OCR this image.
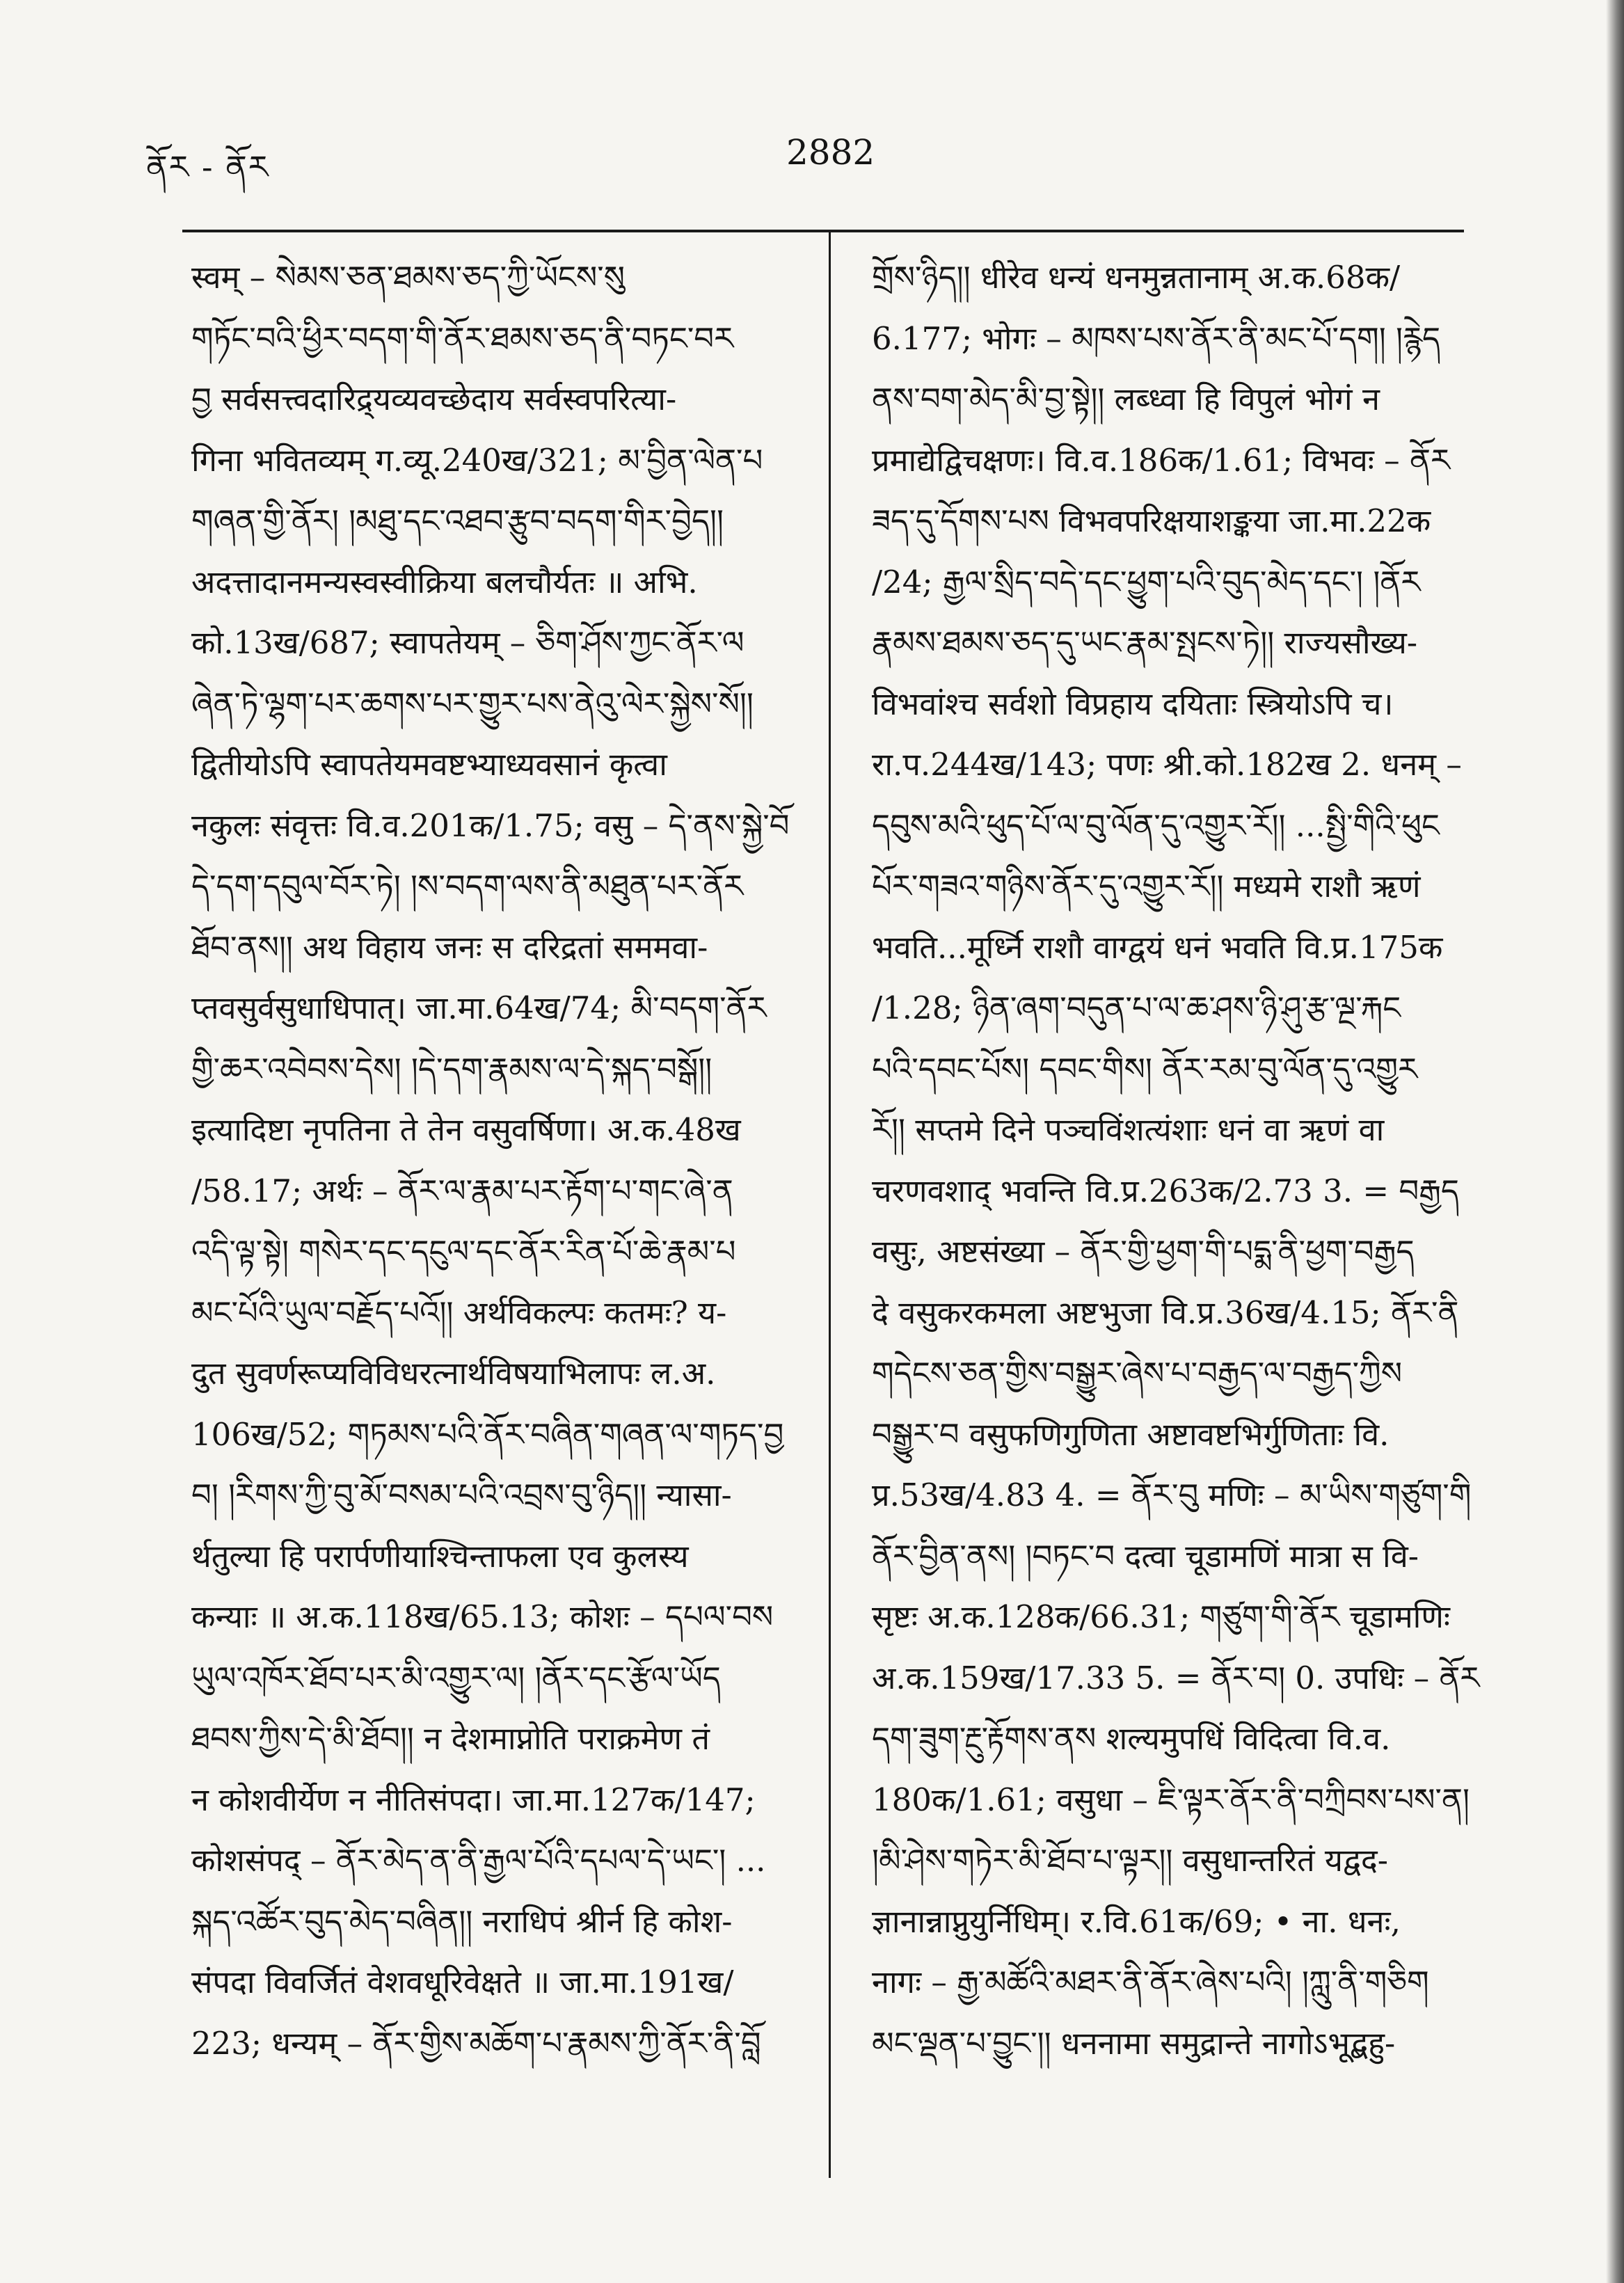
ནོར - ནོར	2882
स्वम् – སེམས་ཅན་ཐམས་ཅད་ཀྱི་ཡོངས་སུ
གཏོང་བའི་ཕྱིར་བདག་གི་ནོར་ཐམས་ཅད་ནི་བཏང་བར
བྱ सर्वसत्त्वदारिद्र्यव्यवच्छेदाय सर्वस्वपरित्या-
गिना भवितव्यम् ग.व्यू.240ख/321; མ་བྱིན་ལེན་པ
གཞན་གྱི་ནོར། །མཐུ་དང་འཐབ་རྩུབ་བདག་གིར་བྱེད།།
अदत्तादानमन्यस्वस्वीक्रिया बलचौर्यतः ॥ अभि.
को.13ख/687; स्वापतेयम् – ཅིག་ཤོས་ཀྱང་ནོར་ལ
ཞེན་ཏེ་ལྷག་པར་ཆགས་པར་གྱུར་པས་ནེའུ་ལེར་སྐྱེས་སོ།།
द्वितीयोऽपि स्वापतेयमवष्टभ्याध्यवसानं कृत्वा
नकुलः संवृत्तः वि.व.201क/1.75; वसु – དེ་ནས་སྐྱེ་བོ
དེ་དག་དབུལ་བོར་ཏེ། །ས་བདག་ལས་ནི་མཐུན་པར་ནོར
ཐོབ་ནས།། अथ विहाय जनः स दरिद्रतां सममवा-
प्तवसुर्वसुधाधिपात्। जा.मा.64ख/74; མི་བདག་ནོར
གྱི་ཆར་འབེབས་དེས། །དེ་དག་རྣམས་ལ་དེ་སྐད་བསྒོ།།
इत्यादिष्टा नृपतिना ते तेन वसुवर्षिणा। अ.क.48ख
/58.17; अर्थः – ནོར་ལ་རྣམ་པར་རྟོག་པ་གང་ཞེ་ན
འདི་ལྟ་སྟེ། གསེར་དང་དངུལ་དང་ནོར་རིན་པོ་ཆེ་རྣམ་པ
མང་པོའི་ཡུལ་བརྗོད་པའོ།། अर्थविकल्पः कतमः? य-
दुत सुवर्णरूप्यविविधरत्नार्थविषयाभिलापः ल.अ.
106ख/52; གཏམས་པའི་ནོར་བཞིན་གཞན་ལ་གཏད་བྱ
བ། །རིགས་ཀྱི་བུ་མོ་བསམ་པའི་འབྲས་བུ་ཉིད།། न्यासा-
र्थतुल्या हि परार्पणीयाश्चिन्ताफला एव कुलस्य
कन्याः ॥ अ.क.118ख/65.13; कोशः – དཔལ་བས
ཡུལ་འཁོར་ཐོབ་པར་མི་འགྱུར་ལ། །ནོར་དང་རྩོལ་ཡོད
ཐབས་ཀྱིས་དེ་མི་ཐོབ།། न देशमाप्नोति पराक्रमेण तं
न कोशवीर्येण न नीतिसंपदा। जा.मा.127क/147;
कोशसंपद् – ནོར་མེད་ན་ནི་རྒྱལ་པོའི་དཔལ་དེ་ཡང་། ...
སྐད་འཚོར་བུད་མེད་བཞིན།། नराधिपं श्रीर्न हि कोश-
संपदा विवर्जितं वेशवधूरिवेक्षते ॥ जा.मा.191ख/
223; धन्यम् – ནོར་གྱིས་མཆོག་པ་རྣམས་ཀྱི་ནོར་ནི་བློ
གྲོས་ཉིད།། धीरेव धन्यं धनमुन्नतानाम् अ.क.68क/
6.177; भोगः – མཁས་པས་ནོར་ནི་མང་པོ་དག། །རྙེད
ནས་བག་མེད་མི་བྱ་སྟེ།། लब्ध्वा हि विपुलं भोगं न
प्रमाद्येद्विचक्षणः। वि.व.186क/1.61; विभवः – ནོར
ཟད་དུ་དོགས་པས विभवपरिक्षयाशङ्कया जा.मा.22क
/24; རྒྱལ་སྲིད་བདེ་དང་ཕྱུག་པའི་བུད་མེད་དང་། །ནོར
རྣམས་ཐམས་ཅད་དུ་ཡང་རྣམ་སྤངས་ཏེ།། राज्यसौख्य-
विभवांश्च सर्वशो विप्रहाय दयिताः स्त्रियोऽपि च।
रा.प.244ख/143; पणः श्री.को.182ख 2. धनम् –
དབུས་མའི་ཕུད་པོ་ལ་བུ་ལོན་དུ་འགྱུར་རོ།། ...སྤྱི་གིའི་ཕུང
པོར་གཟའ་གཉིས་ནོར་དུ་འགྱུར་རོ།། मध्यमे राशौ ऋणं
भवति...मूर्ध्नि राशौ वाग्द्वयं धनं भवति वि.प्र.175क
/1.28; ཉིན་ཞག་བདུན་པ་ལ་ཆ་ཤས་ཉི་ཤུ་རྩ་ལྔ་རྐང
པའི་དབང་པོས། དབང་གིས། ནོར་རམ་བུ་ལོན་དུ་འགྱུར
རོ།། सप्तमे दिने पञ्चविंशत्यंशाः धनं वा ऋणं वा
चरणवशाद् भवन्ति वि.प्र.263क/2.73 3. = བརྒྱད
वसुः, अष्टसंख्या – ནོར་གྱི་ཕྱག་གི་པདྨ་ནི་ཕྱག་བརྒྱད
दे वसुकरकमला अष्टभुजा वि.प्र.36ख/4.15; ནོར་ནི
གདེངས་ཅན་གྱིས་བསྒྱུར་ཞེས་པ་བརྒྱད་ལ་བརྒྱད་ཀྱིས
བསྒྱུར་བ वसुफणिगुणिता अष्टावष्टभिर्गुणिताः वि.
प्र.53ख/4.83 4. = ནོར་བུ मणिः – མ་ཡིས་གཙུག་གི
ནོར་བྱིན་ནས། །བཏང་བ दत्वा चूडामणिं मात्रा स वि-
सृष्टः अ.क.128क/66.31; གཙུག་གི་ནོར चूडामणिः
अ.क.159ख/17.33 5. = ནོར་བ། 0. उपधिः – ནོར
དག་ཟུག་རྔུ་རྟོགས་ནས शल्यमुपधिं विदित्वा वि.व.
180क/1.61; वसुधा – ཇི་ལྟར་ནོར་ནི་བཀྲིབས་པས་ན།
།མི་ཤེས་གཏེར་མི་ཐོབ་པ་ལྟར།། वसुधान्तरितं यद्वद-
ज्ञानान्नाप्नुयुर्निधिम्। र.वि.61क/69; • ना. धनः,
नागः – རྒྱ་མཚོའི་མཐར་ནི་ནོར་ཞེས་པའི། །ཀླུ་ནི་གཅིག
མང་ལྡན་པ་བྱུང་།། धननामा समुद्रान्ते नागोऽभूद्बहु-
